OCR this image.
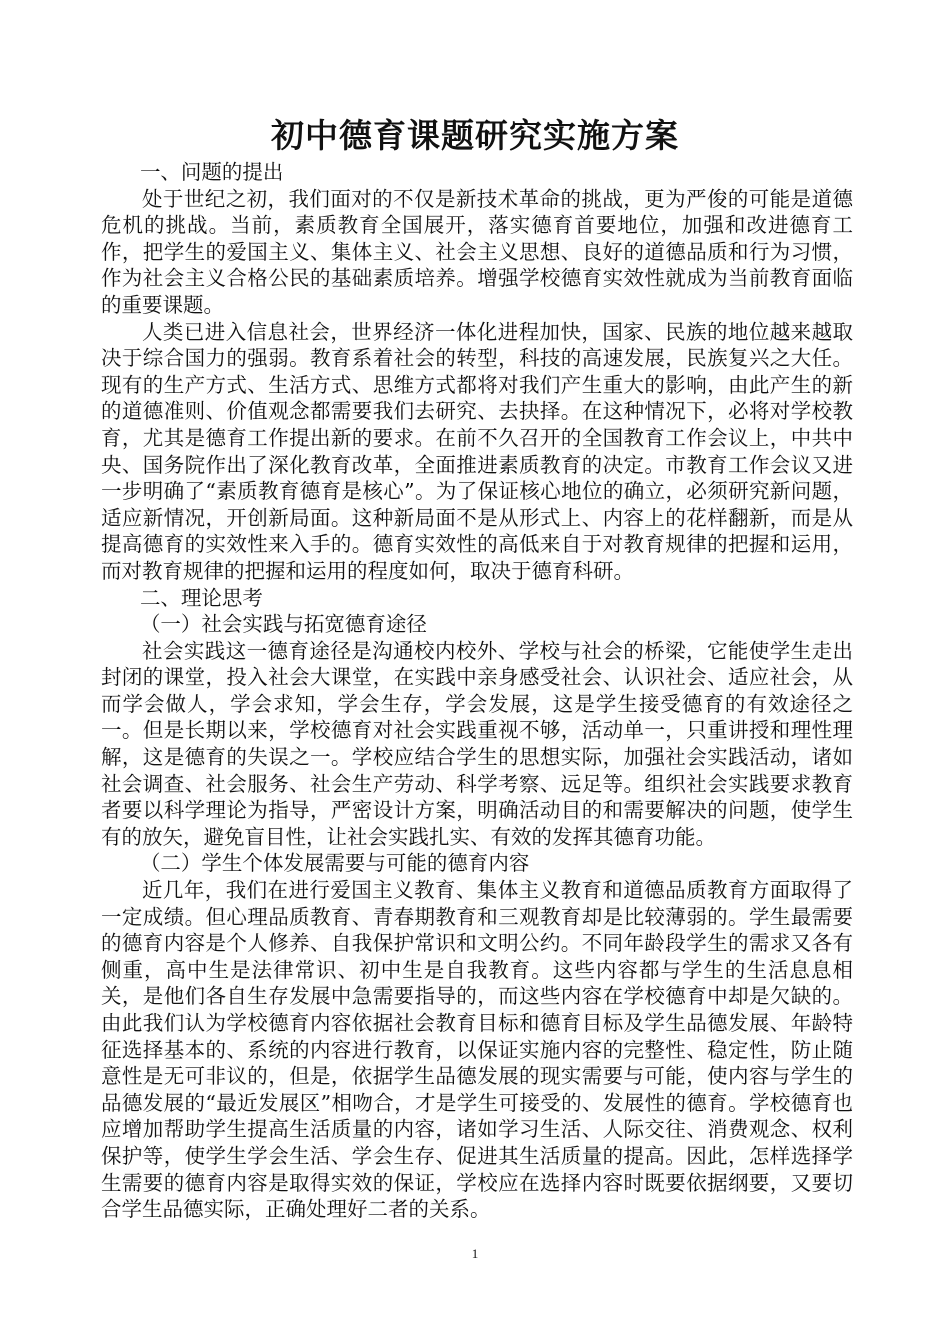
初中德育课题研究实施方案

一、问题的提出

处于世纪之初，我们面对的不仅是新技术革命的挑战，更为严俊的可能是道德危机的挑战。当前，素质教育全国展开，落实德育首要地位，加强和改进德育工作，把学生的爱国主义、集体主义、社会主义思想、良好的道德品质和行为习惯，作为社会主义合格公民的基础素质培养。增强学校德育实效性就成为当前教育面临的重要课题。

人类已进入信息社会，世界经济一体化进程加快，国家、民族的地位越来越取决于综合国力的强弱。教育系着社会的转型，科技的高速发展，民族复兴之大任。现有的生产方式、生活方式、思维方式都将对我们产生重大的影响，由此产生的新的道德准则、价值观念都需要我们去研究、去抉择。在这种情况下，必将对学校教育，尤其是德育工作提出新的要求。在前不久召开的全国教育工作会议上，中共中央、国务院作出了深化教育改革，全面推进素质教育的决定。市教育工作会议又进一步明确了“素质教育德育是核心”。为了保证核心地位的确立，必须研究新问题，适应新情况，开创新局面。这种新局面不是从形式上、内容上的花样翻新，而是从提高德育的实效性来入手的。德育实效性的高低来自于对教育规律的把握和运用，而对教育规律的把握和运用的程度如何，取决于德育科研。

二、理论思考

（一）社会实践与拓宽德育途径

社会实践这一德育途径是沟通校内校外、学校与社会的桥梁，它能使学生走出封闭的课堂，投入社会大课堂，在实践中亲身感受社会、认识社会、适应社会，从而学会做人，学会求知，学会生存，学会发展，这是学生接受德育的有效途径之一。但是长期以来，学校德育对社会实践重视不够，活动单一，只重讲授和理性理解，这是德育的失误之一。学校应结合学生的思想实际，加强社会实践活动，诸如社会调查、社会服务、社会生产劳动、科学考察、远足等。组织社会实践要求教育者要以科学理论为指导，严密设计方案，明确活动目的和需要解决的问题，使学生有的放矢，避免盲目性，让社会实践扎实、有效的发挥其德育功能。

（二）学生个体发展需要与可能的德育内容

近几年，我们在进行爱国主义教育、集体主义教育和道德品质教育方面取得了一定成绩。但心理品质教育、青春期教育和三观教育却是比较薄弱的。学生最需要的德育内容是个人修养、自我保护常识和文明公约。不同年龄段学生的需求又各有侧重，高中生是法律常识、初中生是自我教育。这些内容都与学生的生活息息相关，是他们各自生存发展中急需要指导的，而这些内容在学校德育中却是欠缺的。由此我们认为学校德育内容依据社会教育目标和德育目标及学生品德发展、年龄特征选择基本的、系统的内容进行教育，以保证实施内容的完整性、稳定性，防止随意性是无可非议的，但是，依据学生品德发展的现实需要与可能，使内容与学生的品德发展的“最近发展区”相吻合，才是学生可接受的、发展性的德育。学校德育也应增加帮助学生提高生活质量的内容，诸如学习生活、人际交往、消费观念、权利保护等，使学生学会生活、学会生存、促进其生活质量的提高。因此，怎样选择学生需要的德育内容是取得实效的保证，学校应在选择内容时既要依据纲要，又要切合学生品德实际，正确处理好二者的关系。

1
